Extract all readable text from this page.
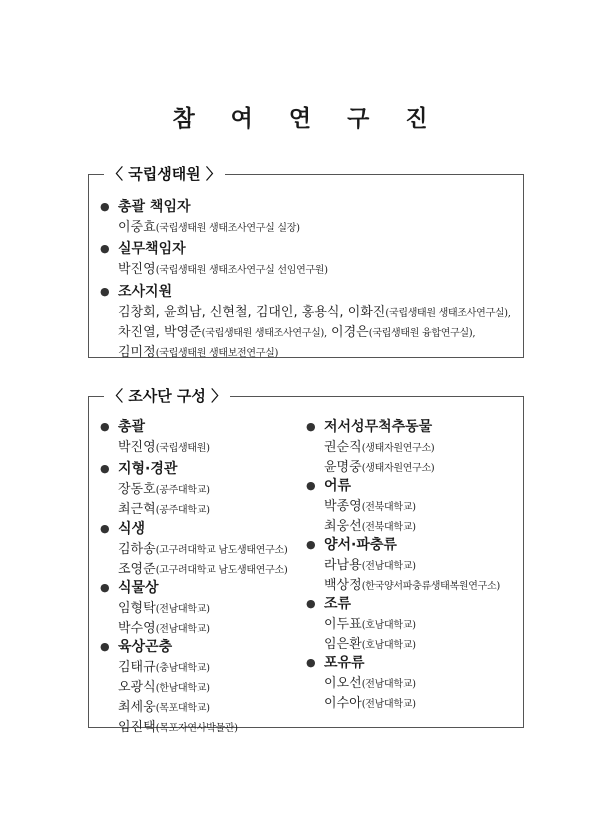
참 여 연 구 진
〈 국립생태원 〉
● 총괄 책임자
이중효(국립생태원 생태조사연구실 실장)
● 실무책임자
박진영(국립생태원 생태조사연구실 선임연구원)
● 조사지원
김창회, 윤희남, 신현철, 김대인, 홍용식, 이화진(국립생태원 생태조사연구실),
차진열, 박영준(국립생태원 생태조사연구실), 이경은(국립생태원 융합연구실),
김미정(국립생태원 생태보전연구실)
〈 조사단 구성 〉
● 총괄
박진영(국립생태원)
● 지형·경관
장동호(공주대학교)
최근혁(공주대학교)
● 식생
김하송(고구려대학교 남도생태연구소)
조영준(고구려대학교 남도생태연구소)
● 식물상
임형탁(전남대학교)
박수영(전남대학교)
● 육상곤충
김태규(충남대학교)
오광식(한남대학교)
최세웅(목포대학교)
임진택(목포자연사박물관)
● 저서성무척추동물
권순직(생태자원연구소)
윤명중(생태자원연구소)
● 어류
박종영(전북대학교)
최웅선(전북대학교)
● 양서·파충류
라남용(전남대학교)
백상정(한국양서파충류생태복원연구소)
● 조류
이두표(호남대학교)
임은환(호남대학교)
● 포유류
이오선(전남대학교)
이수아(전남대학교)
